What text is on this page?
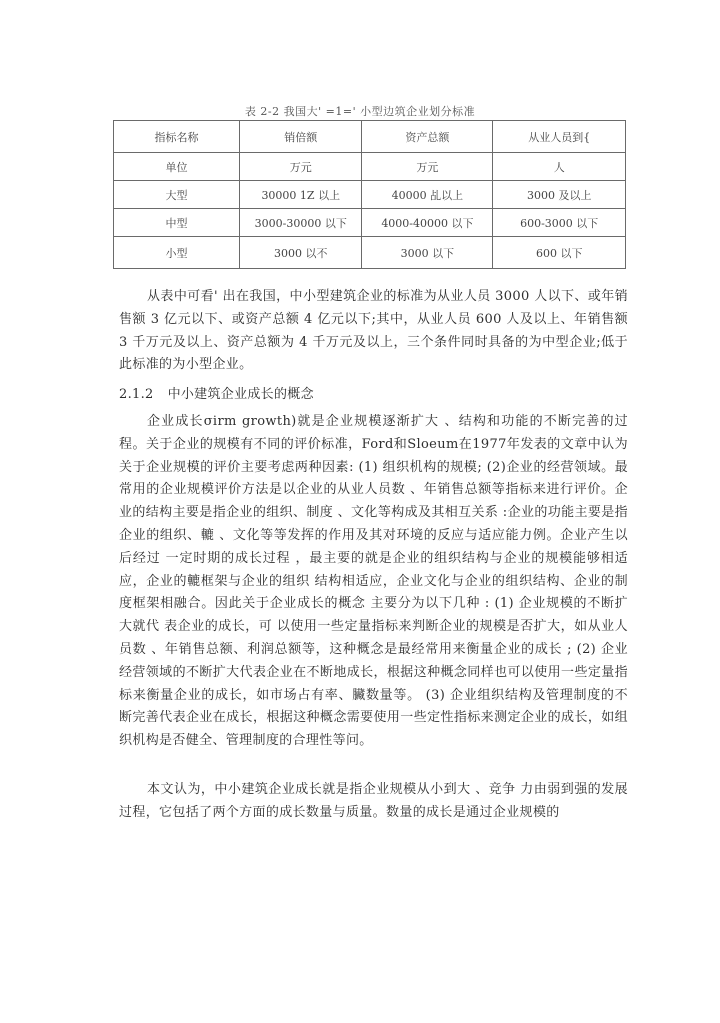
表 2-2 我国大' =1=' 小型边筑企业划分标准
指标名称	销倍额	资产总额	从业人员到{
单位	万元	万元	人
大型	30000 1Z 以上	40000 乩以上	3000 及以上
中型	3000-30000 以下	4000-40000 以下	600-3000 以下
小型	3000 以不	3000 以下	600 以下
从表中可看' 出在我国，中小型建筑企业的标准为从业人员 3000 人以下、或年销售额 3 亿元以下、或资产总额 4 亿元以下;其中，从业人员 600 人及以上、年销售额 3 千万元及以上、资产总额为 4 千万元及以上，三个条件同时具备的为中型企业;低于此标准的为小型企业。
2.1.2 中小建筑企业成长的概念
企业成长σirm growth)就是企业规模逐渐扩大 、结构和功能的不断完善的过程。关于企业的规模有不同的评价标准，Ford和Sloeum在1977年发表的文章中认为关于企业规模的评价主要考虑两种因素: (1) 组织机构的规模; (2)企业的经营领域。最常用的企业规模评价方法是以企业的从业人员数 、年销售总额等指标来进行评价。企业的结构主要是指企业的组织、制度 、文化等构成及其相互关系 :企业的功能主要是指企业的组织、轆 、文化等等发挥的作用及其对环境的反应与适应能力例。企业产生以后经过 一定时期的成长过程 ，最主要的就是企业的组织结构与企业的规模能够相适 应，企业的轆框架与企业的组织 结构相适应，企业文化与企业的组织结构、企业的制度框架相融合。因此关于企业成长的概念 主要分为以下几种 : (1) 企业规模的不断扩大就代 表企业的成长，可 以使用一些定量指标来判断企业的规模是否扩大，如从业人员数 、年销售总额、利润总额等，这种概念是最经常用来衡量企业的成长 ; (2) 企业经营领域的不断扩大代表企业在不断地成长，根据这种概念同样也可以使用一些定量指标来衡量企业的成长，如市场占有率、臟数量等。 (3) 企业组织结构及管理制度的不断完善代表企业在成长，根据这种概念需要使用一些定性指标来测定企业的成长，如组织机构是否健全、管理制度的合理性等问。
本文认为，中小建筑企业成长就是指企业规模从小到大 、竞争 力由弱到强的发展过程，它包括了两个方面的成长数量与质量。数量的成长是通过企业规模的
